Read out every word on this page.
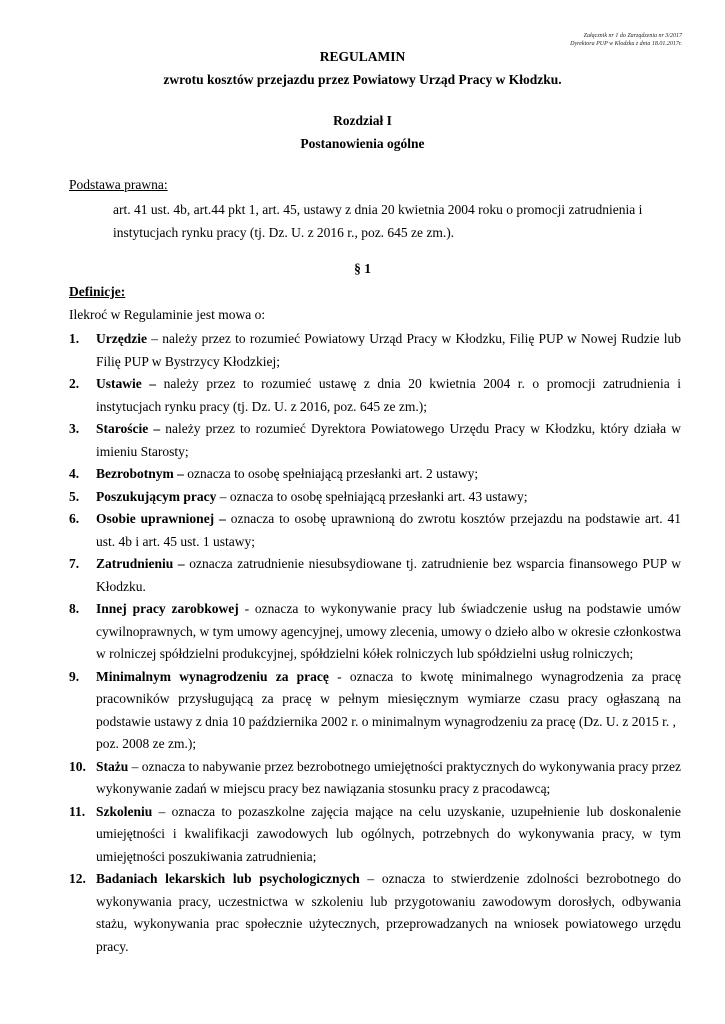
Załącznik nr 1 do Zarządzenia nr 3/2017
Dyrektora PUP w Kłodzku z dnia 18.01.2017r.
REGULAMIN
zwrotu kosztów przejazdu przez Powiatowy Urząd Pracy w Kłodzku.
Rozdział I
Postanowienia ogólne
Podstawa prawna:
art. 41 ust. 4b, art.44 pkt 1, art. 45, ustawy z dnia 20 kwietnia 2004 roku o promocji zatrudnienia i instytucjach rynku pracy (tj. Dz. U. z 2016 r., poz. 645 ze zm.).
§ 1
Definicje:
Ilekroć w Regulaminie jest mowa o:
1. Urzędzie – należy przez to rozumieć Powiatowy Urząd Pracy w Kłodzku, Filię PUP w Nowej Rudzie lub Filię PUP w Bystrzycy Kłodzkiej;
2. Ustawie – należy przez to rozumieć ustawę z dnia 20 kwietnia 2004 r. o promocji zatrudnienia i instytucjach rynku pracy (tj. Dz. U. z 2016, poz. 645 ze zm.);
3. Staroście – należy przez to rozumieć Dyrektora Powiatowego Urzędu Pracy w Kłodzku, który działa w imieniu Starosty;
4. Bezrobotnym – oznacza to osobę spełniającą przesłanki art. 2 ustawy;
5. Poszukującym pracy – oznacza to osobę spełniającą przesłanki art. 43 ustawy;
6. Osobie uprawnionej – oznacza to osobę uprawnioną do zwrotu kosztów przejazdu na podstawie art. 41 ust. 4b i art. 45 ust. 1 ustawy;
7. Zatrudnieniu – oznacza zatrudnienie niesubsydiowane tj. zatrudnienie bez wsparcia finansowego PUP w Kłodzku.
8. Innej pracy zarobkowej - oznacza to wykonywanie pracy lub świadczenie usług na podstawie umów cywilnoprawnych, w tym umowy agencyjnej, umowy zlecenia, umowy o dzieło albo w okresie członkostwa w rolniczej spółdzielni produkcyjnej, spółdzielni kółek rolniczych lub spółdzielni usług rolniczych;
9. Minimalnym wynagrodzeniu za pracę - oznacza to kwotę minimalnego wynagrodzenia za pracę pracowników przysługującą za pracę w pełnym miesięcznym wymiarze czasu pracy ogłaszaną na podstawie ustawy z dnia 10 października 2002 r. o minimalnym wynagrodzeniu za pracę (Dz. U. z 2015 r. ,
poz. 2008 ze zm.);
10. Stażu – oznacza to nabywanie przez bezrobotnego umiejętności praktycznych do wykonywania pracy przez wykonywanie zadań w miejscu pracy bez nawiązania stosunku pracy z pracodawcą;
11. Szkoleniu – oznacza to pozaszkolne zajęcia mające na celu uzyskanie, uzupełnienie lub doskonalenie umiejętności i kwalifikacji zawodowych lub ogólnych, potrzebnych do wykonywania pracy, w tym umiejętności poszukiwania zatrudnienia;
12. Badaniach lekarskich lub psychologicznych – oznacza to stwierdzenie zdolności bezrobotnego do wykonywania pracy, uczestnictwa w szkoleniu lub przygotowaniu zawodowym dorosłych, odbywania stażu, wykonywania prac społecznie użytecznych, przeprowadzanych na wniosek powiatowego urzędu pracy.
